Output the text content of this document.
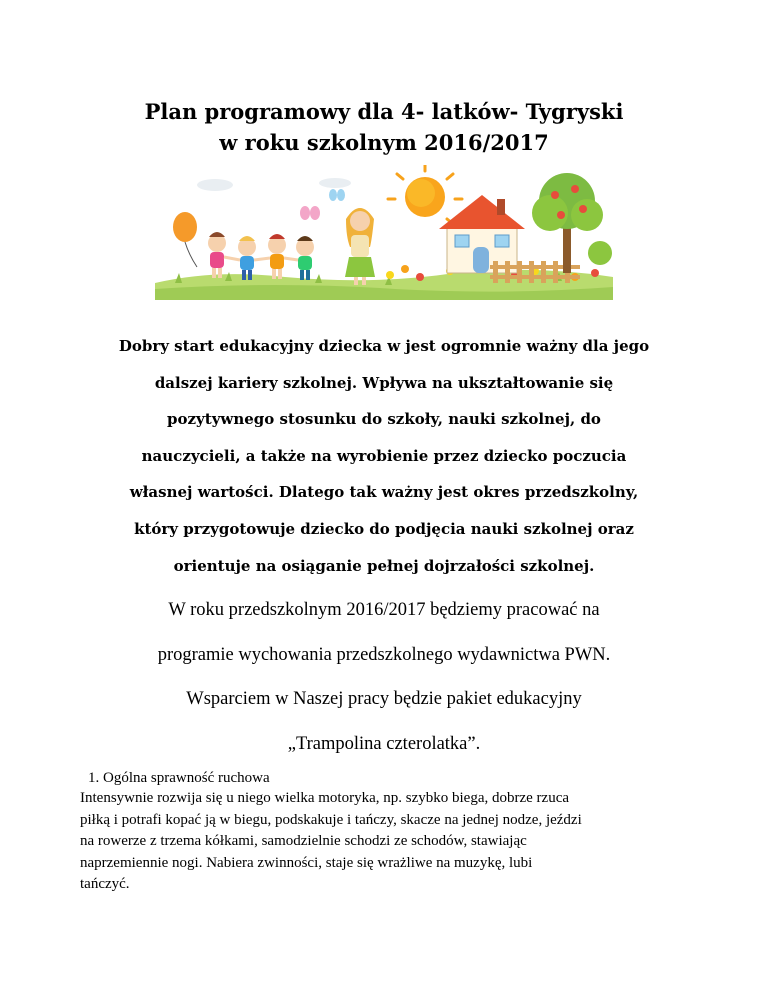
Plan programowy dla 4- latków- Tygryski
w roku szkolnym 2016/2017
Dobry start edukacyjny dziecka w jest ogromnie ważny dla jego
dalszej kariery szkolnej. Wpływa na ukształtowanie się
pozytywnego stosunku do szkoły, nauki szkolnej, do
nauczycieli, a także na wyrobienie przez dziecko poczucia
własnej wartości. Dlatego tak ważny jest okres przedszkolny,
który przygotowuje dziecko do podjęcia nauki szkolnej oraz
orientuje na osiąganie pełnej dojrzałości szkolnej.
W roku przedszkolnym 2016/2017 będziemy pracować na
programie wychowania przedszkolnego wydawnictwa PWN.
Wsparciem w Naszej pracy będzie pakiet edukacyjny
„Trampolina czterolatka”.
1. Ogólna sprawność ruchowa
Intensywnie rozwija się u niego wielka motoryka, np. szybko biega, dobrze rzuca
piłką i potrafi kopać ją w biegu, podskakuje i tańczy, skacze na jednej nodze, jeździ
na rowerze z trzema kółkami, samodzielnie schodzi ze schodów, stawiając
naprzemiennie nogi. Nabiera zwinności, staje się wrażliwe na muzykę, lubi
tańczyć.
